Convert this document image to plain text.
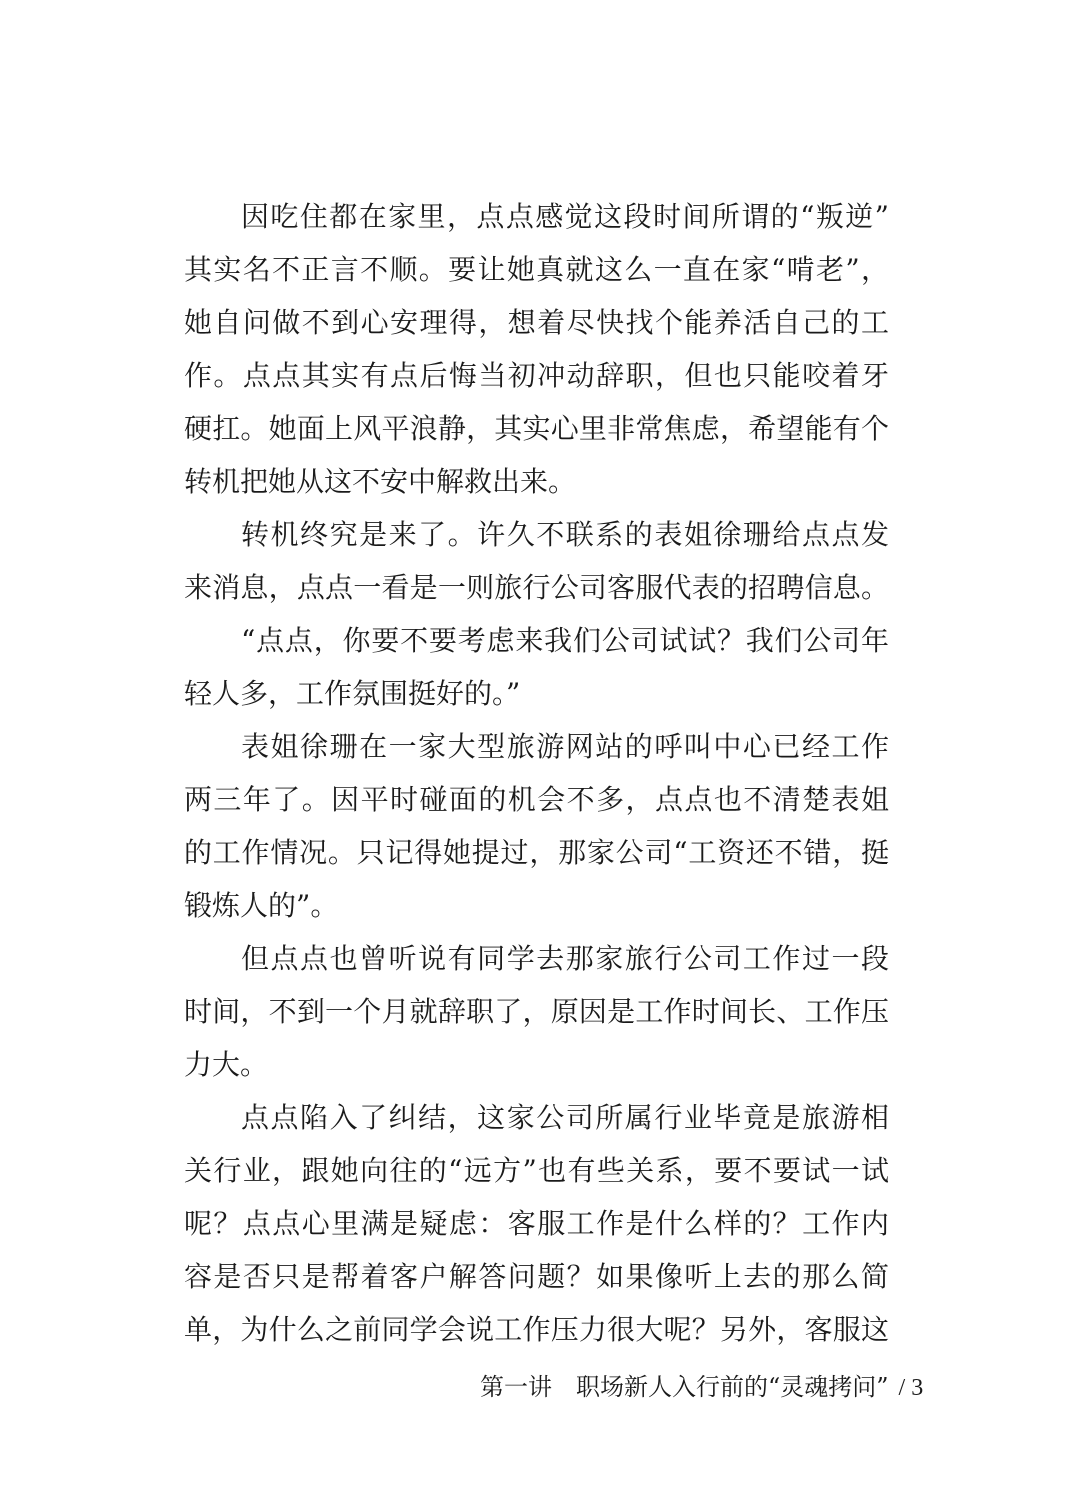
因吃住都在家里，点点感觉这段时间所谓的“叛逆”
其实名不正言不顺。要让她真就这么一直在家“啃老”，
她自问做不到心安理得，想着尽快找个能养活自己的工
作。点点其实有点后悔当初冲动辞职，但也只能咬着牙
硬扛。她面上风平浪静，其实心里非常焦虑，希望能有个
转机把她从这不安中解救出来。
转机终究是来了。许久不联系的表姐徐珊给点点发
来消息，点点一看是一则旅行公司客服代表的招聘信息。
“点点，你要不要考虑来我们公司试试？我们公司年
轻人多，工作氛围挺好的。”
表姐徐珊在一家大型旅游网站的呼叫中心已经工作
两三年了。因平时碰面的机会不多，点点也不清楚表姐
的工作情况。只记得她提过，那家公司“工资还不错，挺
锻炼人的”。
但点点也曾听说有同学去那家旅行公司工作过一段
时间，不到一个月就辞职了，原因是工作时间长、工作压
力大。
点点陷入了纠结，这家公司所属行业毕竟是旅游相
关行业，跟她向往的“远方”也有些关系，要不要试一试
呢？点点心里满是疑虑：客服工作是什么样的？工作内
容是否只是帮着客户解答问题？如果像听上去的那么简
单，为什么之前同学会说工作压力很大呢？另外，客服这
第一讲　职场新人入行前的“灵魂拷问” / 3
